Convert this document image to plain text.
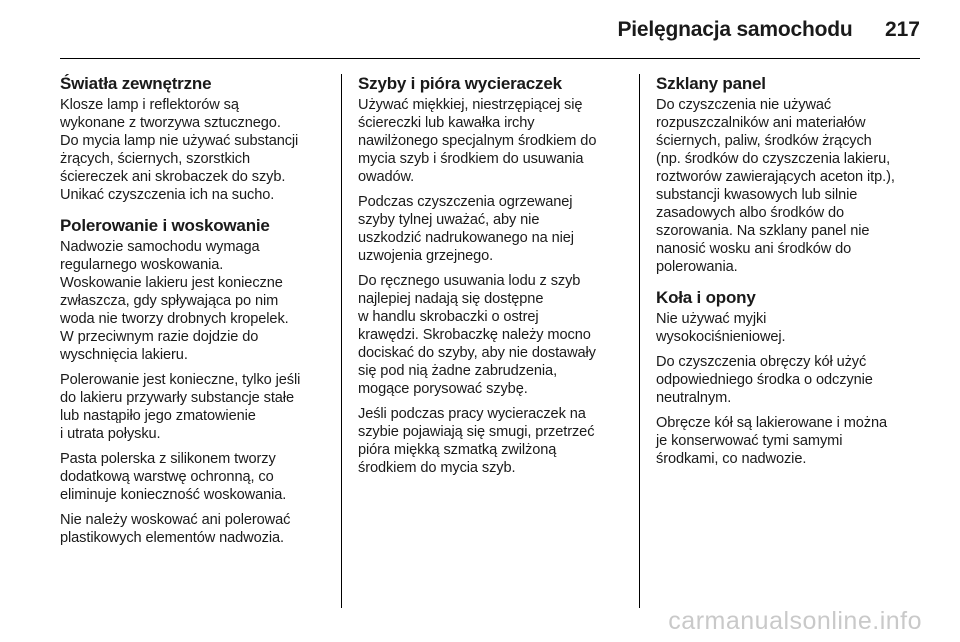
Pielęgnacja samochodu 217
Światła zewnętrzne

Klosze lamp i reflektorów są
wykonane z tworzywa sztucznego.
Do mycia lamp nie używać substancji
żrących, ściernych, szorstkich
ściereczek ani skrobaczek do szyb.
Unikać czyszczenia ich na sucho.

Polerowanie i woskowanie

Nadwozie samochodu wymaga
regularnego woskowania.
Woskowanie lakieru jest konieczne
zwłaszcza, gdy spływająca po nim
woda nie tworzy drobnych kropelek.
W przeciwnym razie dojdzie do
wyschnięcia lakieru.

Polerowanie jest konieczne, tylko jeśli
do lakieru przywarły substancje stałe
lub nastąpiło jego zmatowienie
i utrata połysku.

Pasta polerska z silikonem tworzy
dodatkową warstwę ochronną, co
eliminuje konieczność woskowania.

Nie należy woskować ani polerować
plastikowych elementów nadwozia.

Szyby i pióra wycieraczek

Używać miękkiej, niestrzępiącej się
ściereczki lub kawałka irchy
nawilżonego specjalnym środkiem do
mycia szyb i środkiem do usuwania
owadów.

Podczas czyszczenia ogrzewanej
szyby tylnej uważać, aby nie
uszkodzić nadrukowanego na niej
uzwojenia grzejnego.

Do ręcznego usuwania lodu z szyb
najlepiej nadają się dostępne
w handlu skrobaczki o ostrej
krawędzi. Skrobaczkę należy mocno
dociskać do szyby, aby nie dostawały
się pod nią żadne zabrudzenia,
mogące porysować szybę.

Jeśli podczas pracy wycieraczek na
szybie pojawiają się smugi, przetrzeć
pióra miękką szmatką zwilżoną
środkiem do mycia szyb.

Szklany panel

Do czyszczenia nie używać
rozpuszczalników ani materiałów
ściernych, paliw, środków żrących
(np. środków do czyszczenia lakieru,
roztworów zawierających aceton itp.),
substancji kwasowych lub silnie
zasadowych albo środków do
szorowania. Na szklany panel nie
nanosić wosku ani środków do
polerowania.

Koła i opony

Nie używać myjki
wysokociśnieniowej.

Do czyszczenia obręczy kół użyć
odpowiedniego środka o odczynie
neutralnym.

Obręcze kół są lakierowane i można
je konserwować tymi samymi
środkami, co nadwozie.

carmanualsonline.info
